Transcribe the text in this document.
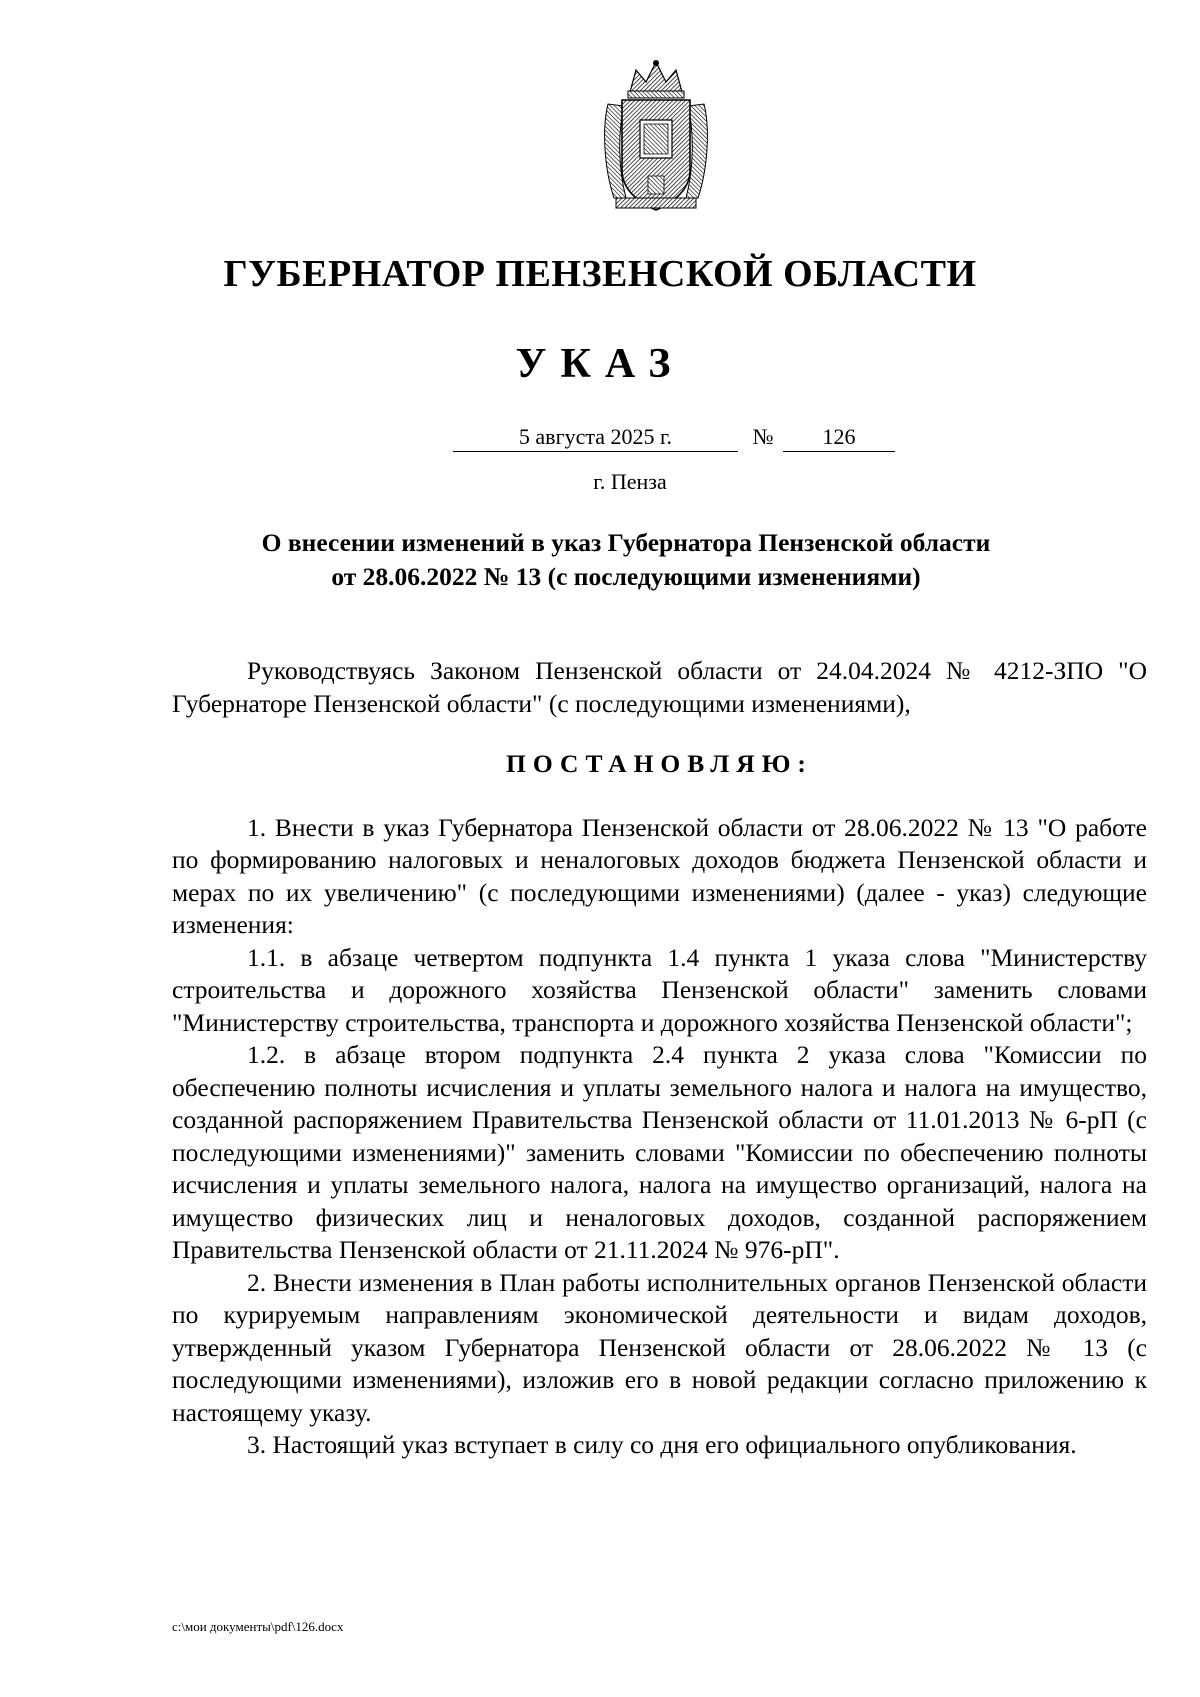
ГУБЕРНАТОР ПЕНЗЕНСКОЙ ОБЛАСТИ
УКАЗ
5 августа 2025 г.	№	126
г. Пенза
О внесении изменений в указ Губернатора Пензенской области
от 28.06.2022 № 13 (с последующими изменениями)

Руководствуясь Законом Пензенской области от 24.04.2024 № 4212-ЗПО "О Губернаторе Пензенской области" (с последующими изменениями),

ПОСТАНОВЛЯЮ:

1. Внести в указ Губернатора Пензенской области от 28.06.2022 № 13 "О работе по формированию налоговых и неналоговых доходов бюджета Пензенской области и мерах по их увеличению" (с последующими изменениями) (далее - указ) следующие изменения:

1.1. в абзаце четвертом подпункта 1.4 пункта 1 указа слова "Министерству строительства и дорожного хозяйства Пензенской области" заменить словами "Министерству строительства, транспорта и дорожного хозяйства Пензенской области";

1.2. в абзаце втором подпункта 2.4 пункта 2 указа слова "Комиссии по обеспечению полноты исчисления и уплаты земельного налога и налога на имущество, созданной распоряжением Правительства Пензенской области от 11.01.2013 № 6-рП (с последующими изменениями)" заменить словами "Комиссии по обеспечению полноты исчисления и уплаты земельного налога, налога на имущество организаций, налога на имущество физических лиц и неналоговых доходов, созданной распоряжением Правительства Пензенской области от 21.11.2024 № 976-рП".

2. Внести изменения в План работы исполнительных органов Пензенской области по курируемым направлениям экономической деятельности и видам доходов, утвержденный указом Губернатора Пензенской области от 28.06.2022 № 13 (с последующими изменениями), изложив его в новой редакции согласно приложению к настоящему указу.

3. Настоящий указ вступает в силу со дня его официального опубликования.

c:\мои документы\pdf\126.docx
